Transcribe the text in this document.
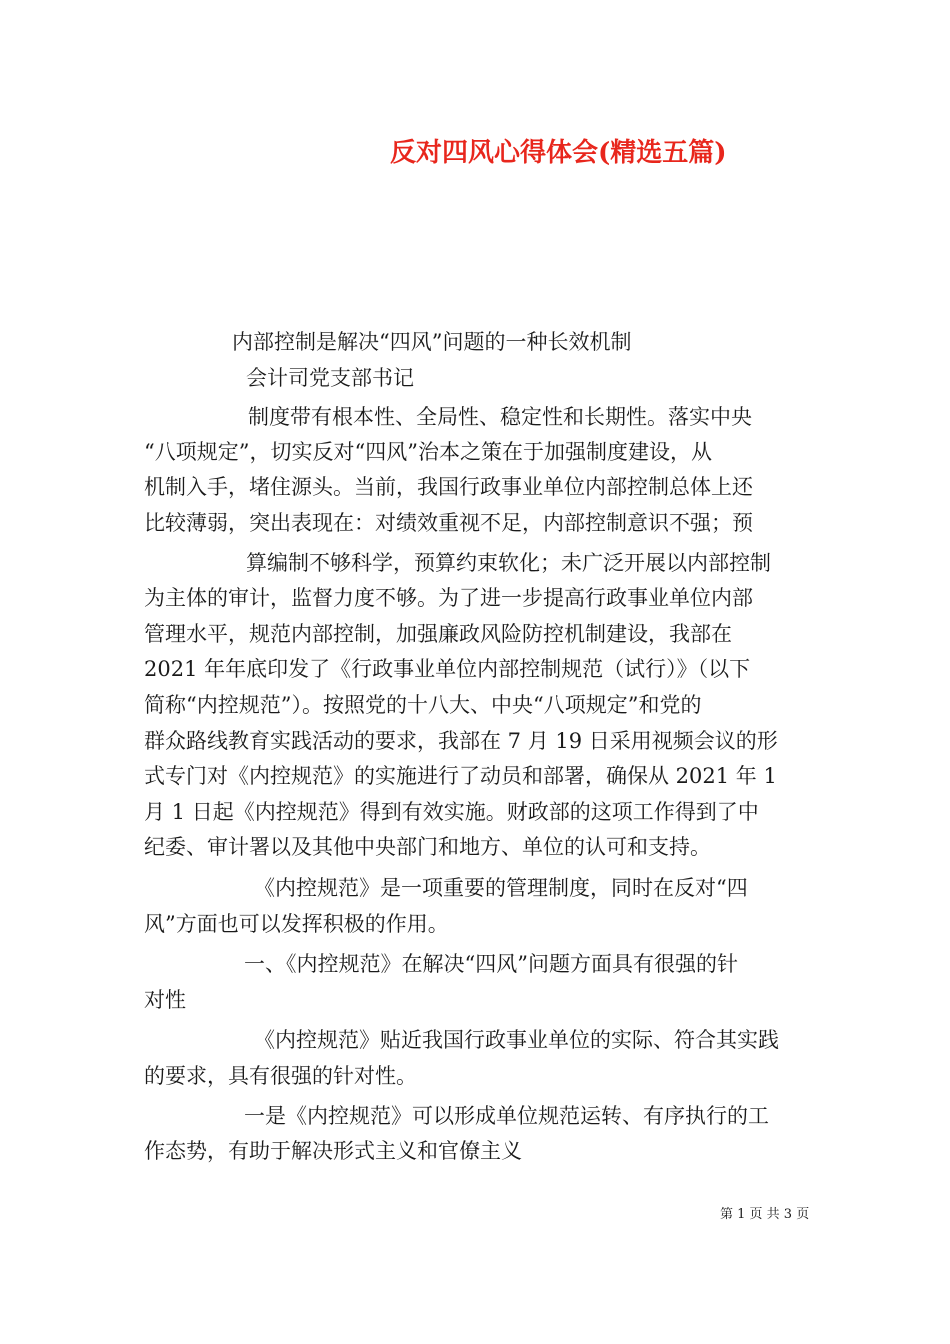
反对四风心得体会(精选五篇)
内部控制是解决“四风”问题的一种长效机制
会计司党支部书记
制度带有根本性、全局性、稳定性和长期性。落实中央
“八项规定”，切实反对“四风”治本之策在于加强制度建设，从
机制入手，堵住源头。当前，我国行政事业单位内部控制总体上还
比较薄弱，突出表现在：对绩效重视不足，内部控制意识不强；预
算编制不够科学，预算约束软化；未广泛开展以内部控制
为主体的审计，监督力度不够。为了进一步提高行政事业单位内部
管理水平，规范内部控制，加强廉政风险防控机制建设，我部在
2021 年年底印发了《行政事业单位内部控制规范（试行）》（以下
简称“内控规范”）。按照党的十八大、中央“八项规定”和党的
群众路线教育实践活动的要求，我部在 7 月 19 日采用视频会议的形
式专门对《内控规范》的实施进行了动员和部署，确保从 2021 年 1
月 1 日起《内控规范》得到有效实施。财政部的这项工作得到了中
纪委、审计署以及其他中央部门和地方、单位的认可和支持。
《内控规范》是一项重要的管理制度，同时在反对“四
风”方面也可以发挥积极的作用。
一、《内控规范》在解决“四风”问题方面具有很强的针
对性
《内控规范》贴近我国行政事业单位的实际、符合其实践
的要求，具有很强的针对性。
一是《内控规范》可以形成单位规范运转、有序执行的工
作态势，有助于解决形式主义和官僚主义
第 1 页 共 3 页
